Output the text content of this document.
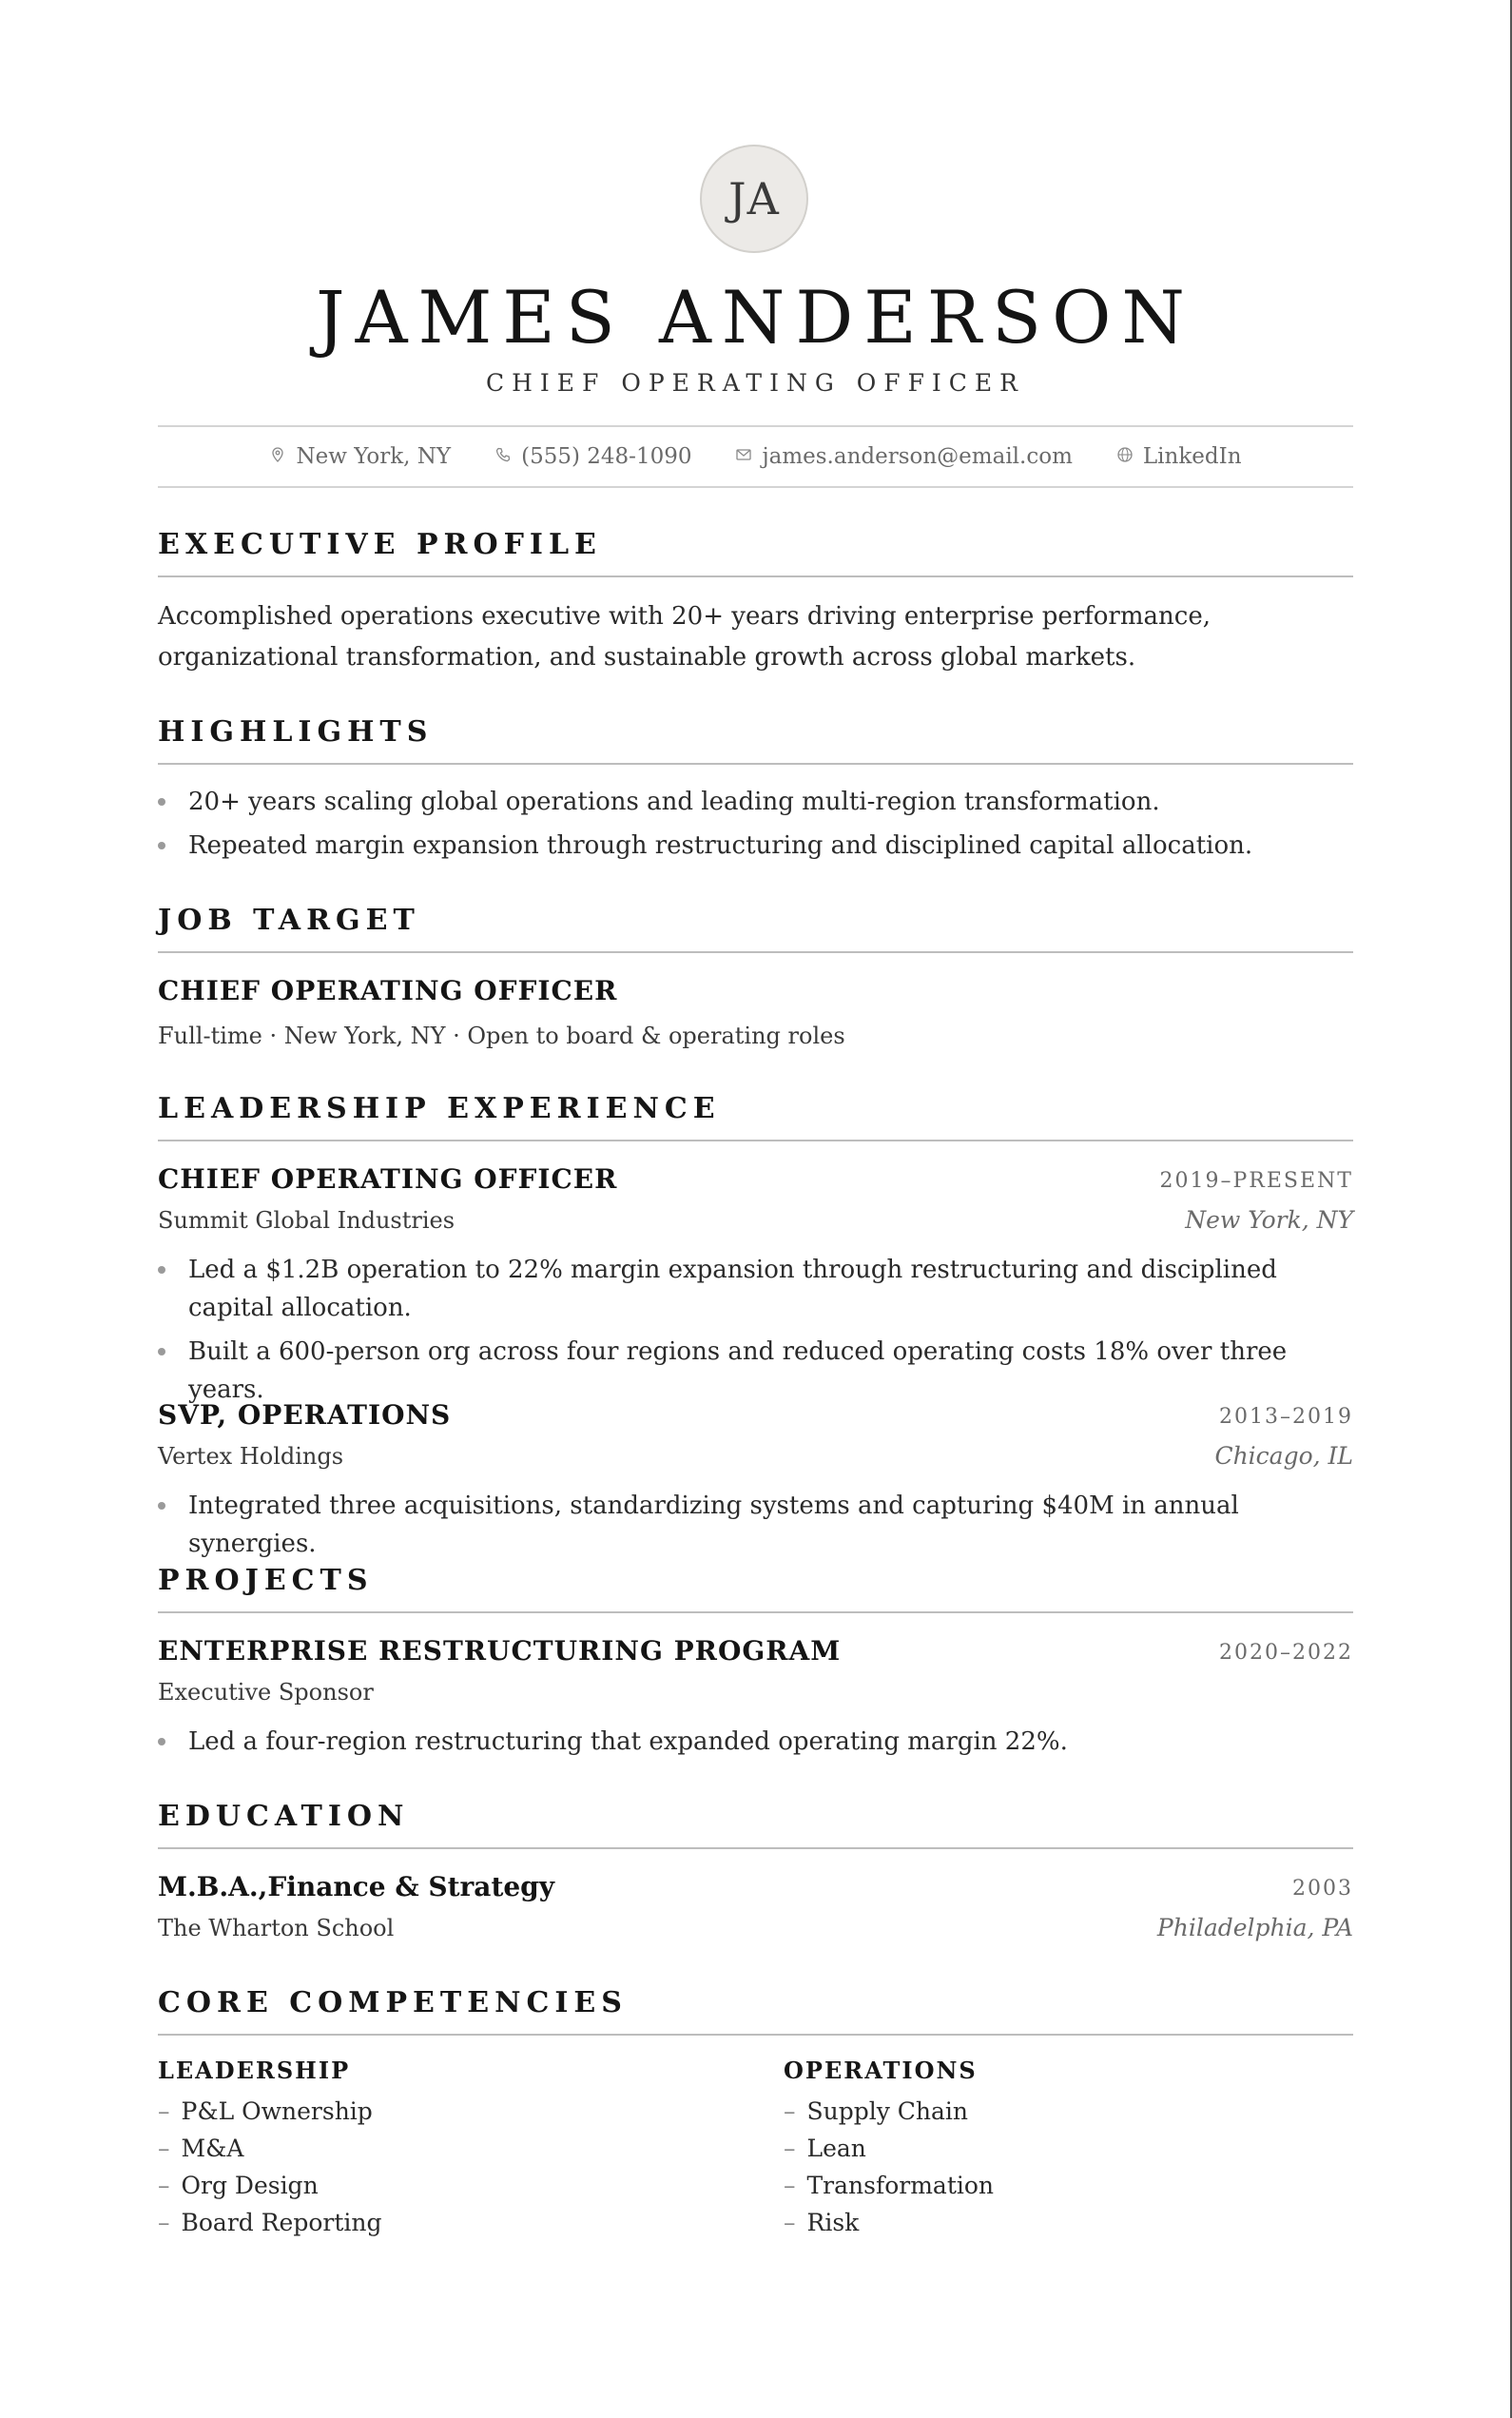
JA
JAMES ANDERSON
CHIEF OPERATING OFFICER
New York, NY	(555) 248-1090	james.anderson@email.com	LinkedIn
EXECUTIVE PROFILE

Accomplished operations executive with 20+ years driving enterprise performance, organizational transformation, and sustainable growth across global markets.

HIGHLIGHTS
20+ years scaling global operations and leading multi-region transformation.
Repeated margin expansion through restructuring and disciplined capital allocation.
JOB TARGET
CHIEF OPERATING OFFICER
Full-time · New York, NY · Open to board & operating roles
LEADERSHIP EXPERIENCE
CHIEF OPERATING OFFICER	2019–PRESENT
Summit Global Industries	New York, NY
Led a $1.2B operation to 22% margin expansion through restructuring and disciplined capital allocation.
Built a 600-person org across four regions and reduced operating costs 18% over three years.
SVP, OPERATIONS	2013–2019
Vertex Holdings	Chicago, IL
Integrated three acquisitions, standardizing systems and capturing $40M in annual synergies.
PROJECTS
ENTERPRISE RESTRUCTURING PROGRAM	2020–2022
Executive Sponsor
Led a four-region restructuring that expanded operating margin 22%.
EDUCATION
M.B.A.,Finance & Strategy	2003
The Wharton School	Philadelphia, PA
CORE COMPETENCIES
LEADERSHIP
– P&L Ownership
– M&A
– Org Design
– Board Reporting
OPERATIONS
– Supply Chain
– Lean
– Transformation
– Risk
